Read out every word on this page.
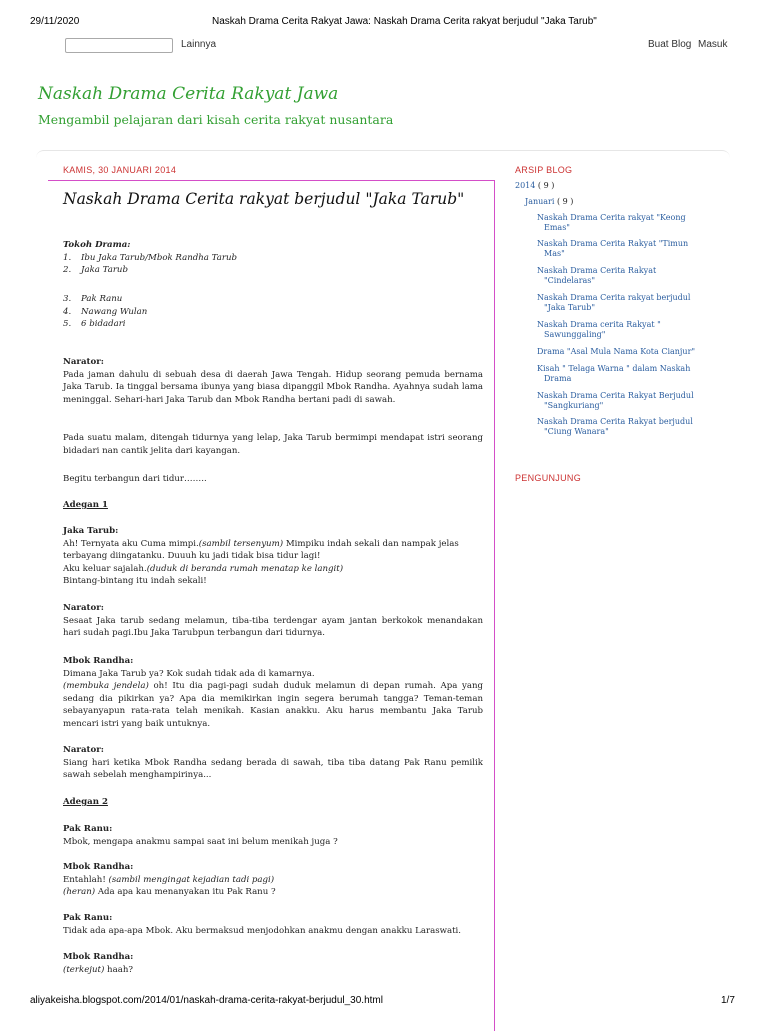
29/11/2020	Naskah Drama Cerita Rakyat Jawa: Naskah Drama Cerita rakyat berjudul "Jaka Tarub"
Lainnya	Buat Blog Masuk
Naskah Drama Cerita Rakyat Jawa
Mengambil pelajaran dari kisah cerita rakyat nusantara
KAMIS, 30 JANUARI 2014
Naskah Drama Cerita rakyat berjudul "Jaka Tarub"
Tokoh Drama:
1. Ibu Jaka Tarub/Mbok Randha Tarub
2. Jaka Tarub
3. Pak Ranu
4. Nawang Wulan
5. 6 bidadari
Narator:
Pada jaman dahulu di sebuah desa di daerah Jawa Tengah. Hidup seorang pemuda bernama Jaka Tarub. Ia tinggal bersama ibunya yang biasa dipanggil Mbok Randha. Ayahnya sudah lama meninggal. Sehari-hari Jaka Tarub dan Mbok Randha bertani padi di sawah.
Pada suatu malam, ditengah tidurnya yang lelap, Jaka Tarub bermimpi mendapat istri seorang bidadari nan cantik jelita dari kayangan.
Begitu terbangun dari tidur……..
Adegan 1
Jaka Tarub:
Ah! Ternyata aku Cuma mimpi.(sambil tersenyum) Mimpiku indah sekali dan nampak jelas terbayang diingatanku. Duuuh ku jadi tidak bisa tidur lagi!
Aku keluar sajalah.(duduk di beranda rumah menatap ke langit)
Bintang-bintang itu indah sekali!
Narator:
Sesaat Jaka tarub sedang melamun, tiba-tiba terdengar ayam jantan berkokok menandakan hari sudah pagi.Ibu Jaka Tarubpun terbangun dari tidurnya.
Mbok Randha:
Dimana Jaka Tarub ya? Kok sudah tidak ada di kamarnya.
(membuka jendela) oh! Itu dia pagi-pagi sudah duduk melamun di depan rumah. Apa yang sedang dia pikirkan ya? Apa dia memikirkan ingin segera berumah tangga? Teman-teman sebayanyapun rata-rata telah menikah. Kasian anakku. Aku harus membantu Jaka Tarub mencari istri yang baik untuknya.
Narator:
Siang hari ketika Mbok Randha sedang berada di sawah, tiba tiba datang Pak Ranu pemilik sawah sebelah menghampirinya...
Adegan 2
Pak Ranu:
Mbok, mengapa anakmu sampai saat ini belum menikah juga ?
Mbok Randha:
Entahlah! (sambil mengingat kejadian tadi pagi)
(heran) Ada apa kau menanyakan itu Pak Ranu ?
Pak Ranu:
Tidak ada apa-apa Mbok. Aku bermaksud menjodohkan anakmu dengan anakku Laraswati.
Mbok Randha:
(terkejut) haah?
ARSIP BLOG
2014 ( 9 )
Januari ( 9 )
Naskah Drama Cerita rakyat "Keong
Emas"
Naskah Drama Cerita Rakyat "Timun
Mas"
Naskah Drama Cerita Rakyat
"Cindelaras"
Naskah Drama Cerita rakyat berjudul
"Jaka Tarub"
Naskah Drama cerita Rakyat "
Sawunggaling"
Drama "Asal Mula Nama Kota Cianjur"
Kisah " Telaga Warna " dalam Naskah
Drama
Naskah Drama Cerita Rakyat Berjudul
"Sangkuriang"
Naskah Drama Cerita Rakyat berjudul
"Ciung Wanara"
PENGUNJUNG
aliyakeisha.blogspot.com/2014/01/naskah-drama-cerita-rakyat-berjudul_30.html	1/7
